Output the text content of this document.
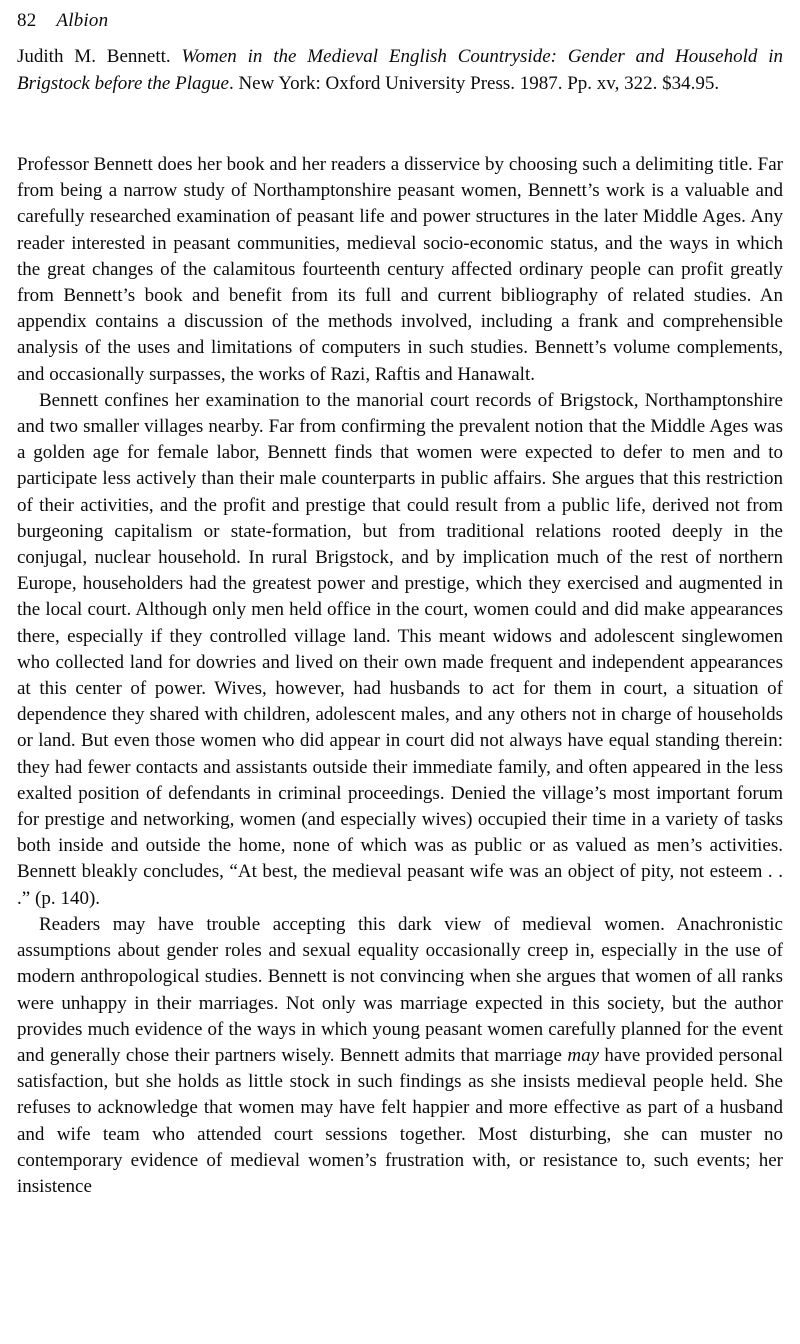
82 Albion
Judith M. Bennett. Women in the Medieval English Countryside: Gender and Household in Brigstock before the Plague. New York: Oxford University Press. 1987. Pp. xv, 322. $34.95.

Professor Bennett does her book and her readers a disservice by choosing such a delimiting title. Far from being a narrow study of Northamptonshire peasant women, Bennett’s work is a valuable and carefully researched examination of peasant life and power structures in the later Middle Ages. Any reader interested in peasant communities, medieval socio-economic status, and the ways in which the great changes of the calamitous fourteenth century affected ordinary people can profit greatly from Bennett’s book and benefit from its full and current bibliography of related studies. An appendix contains a discussion of the methods involved, including a frank and comprehensible analysis of the uses and limitations of computers in such studies. Bennett’s volume complements, and occasionally surpasses, the works of Razi, Raftis and Hanawalt.

Bennett confines her examination to the manorial court records of Brigstock, Northamptonshire and two smaller villages nearby. Far from confirming the prevalent notion that the Middle Ages was a golden age for female labor, Bennett finds that women were expected to defer to men and to participate less actively than their male counterparts in public affairs. She argues that this restriction of their activities, and the profit and prestige that could result from a public life, derived not from burgeoning capitalism or state-formation, but from traditional relations rooted deeply in the conjugal, nuclear household. In rural Brigstock, and by implication much of the rest of northern Europe, householders had the greatest power and prestige, which they exercised and augmented in the local court. Although only men held office in the court, women could and did make appearances there, especially if they controlled village land. This meant widows and adolescent singlewomen who collected land for dowries and lived on their own made frequent and independent appearances at this center of power. Wives, however, had husbands to act for them in court, a situation of dependence they shared with children, adolescent males, and any others not in charge of households or land. But even those women who did appear in court did not always have equal standing therein: they had fewer contacts and assistants outside their immediate family, and often appeared in the less exalted position of defendants in criminal proceedings. Denied the village’s most important forum for prestige and networking, women (and especially wives) occupied their time in a variety of tasks both inside and outside the home, none of which was as public or as valued as men’s activities. Bennett bleakly concludes, “At best, the medieval peasant wife was an object of pity, not esteem . . .” (p. 140).

Readers may have trouble accepting this dark view of medieval women. Anachronistic assumptions about gender roles and sexual equality occasionally creep in, especially in the use of modern anthropological studies. Bennett is not convincing when she argues that women of all ranks were unhappy in their marriages. Not only was marriage expected in this society, but the author provides much evidence of the ways in which young peasant women carefully planned for the event and generally chose their partners wisely. Bennett admits that marriage may have provided personal satisfaction, but she holds as little stock in such findings as she insists medieval people held. She refuses to acknowledge that women may have felt happier and more effective as part of a husband and wife team who attended court sessions together. Most disturbing, she can muster no contemporary evidence of medieval women’s frustration with, or resistance to, such events; her insistence
